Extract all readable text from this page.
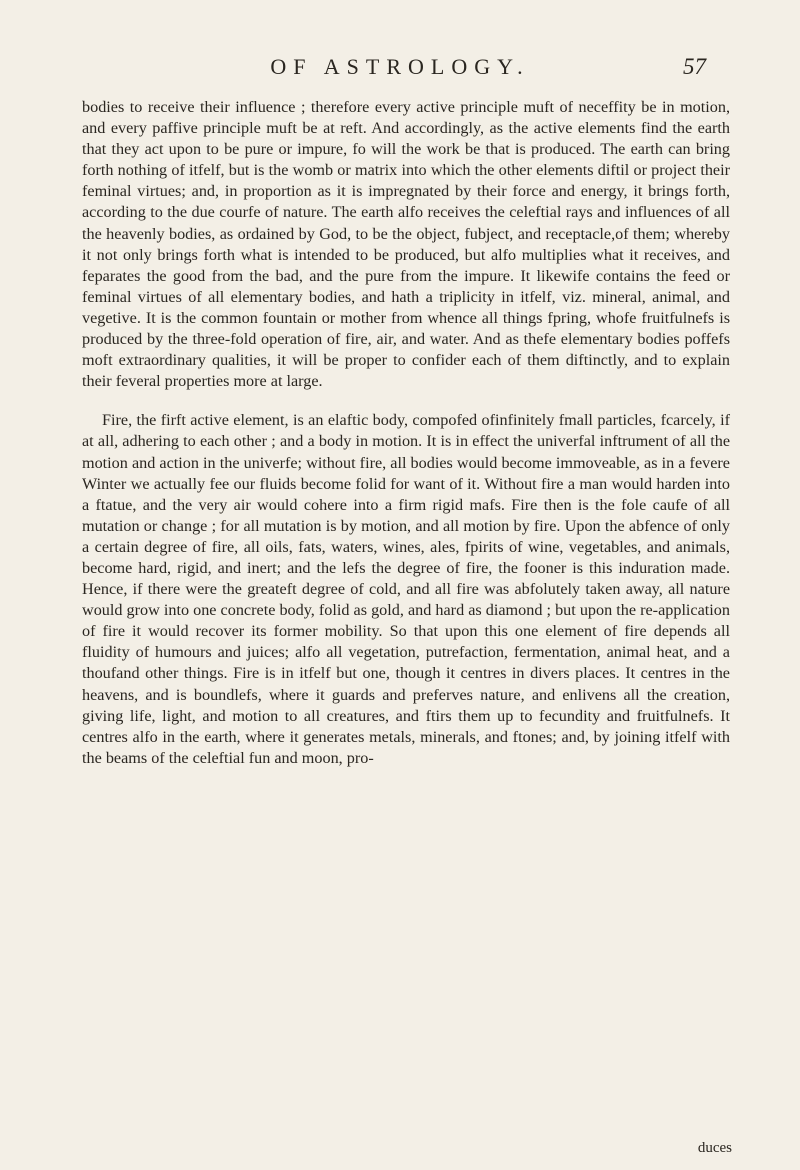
OF ASTROLOGY.	57

bodies to receive their influence ; therefore every active principle muft of neceffity be in motion, and every paffive principle muft be at reft. And accordingly, as the active elements find the earth that they act upon to be pure or impure, fo will the work be that is produced. The earth can bring forth nothing of itfelf, but is the womb or matrix into which the other elements diftil or project their feminal virtues; and, in proportion as it is impregnated by their force and energy, it brings forth, according to the due courfe of nature. The earth alfo receives the celeftial rays and influences of all the heavenly bodies, as ordained by God, to be the object, fubject, and receptacle,of them; whereby it not only brings forth what is intended to be produced, but alfo multiplies what it receives, and feparates the good from the bad, and the pure from the impure. It likewife contains the feed or feminal virtues of all elementary bodies, and hath a triplicity in itfelf, viz. mineral, animal, and vegetive. It is the common fountain or mother from whence all things fpring, whofe fruitfulnefs is produced by the three-fold operation of fire, air, and water. And as thefe elementary bodies poffefs moft extraordinary qualities, it will be proper to confider each of them diftinctly, and to explain their feveral properties more at large.

Fire, the firft active element, is an elaftic body, compofed ofinfinitely fmall particles, fcarcely, if at all, adhering to each other ; and a body in motion. It is in effect the univerfal inftrument of all the motion and action in the univerfe; without fire, all bodies would become immoveable, as in a fevere Winter we actually fee our fluids become folid for want of it. Without fire a man would harden into a ftatue, and the very air would cohere into a firm rigid mafs. Fire then is the fole caufe of all mutation or change ; for all mutation is by motion, and all motion by fire. Upon the abfence of only a certain degree of fire, all oils, fats, waters, wines, ales, fpirits of wine, vegetables, and animals, become hard, rigid, and inert; and the lefs the degree of fire, the fooner is this induration made. Hence, if there were the greateft degree of cold, and all fire was abfolutely taken away, all nature would grow into one concrete body, folid as gold, and hard as diamond ; but upon the re-application of fire it would recover its former mobility. So that upon this one element of fire depends all fluidity of humours and juices; alfo all vegetation, putrefaction, fermentation, animal heat, and a thoufand other things. Fire is in itfelf but one, though it centres in divers places. It centres in the heavens, and is boundlefs, where it guards and preferves nature, and enlivens all the creation, giving life, light, and motion to all creatures, and ftirs them up to fecundity and fruitfulnefs. It centres alfo in the earth, where it generates metals, minerals, and ftones; and, by joining itfelf with the beams of the celeftial fun and moon, pro-

duces
